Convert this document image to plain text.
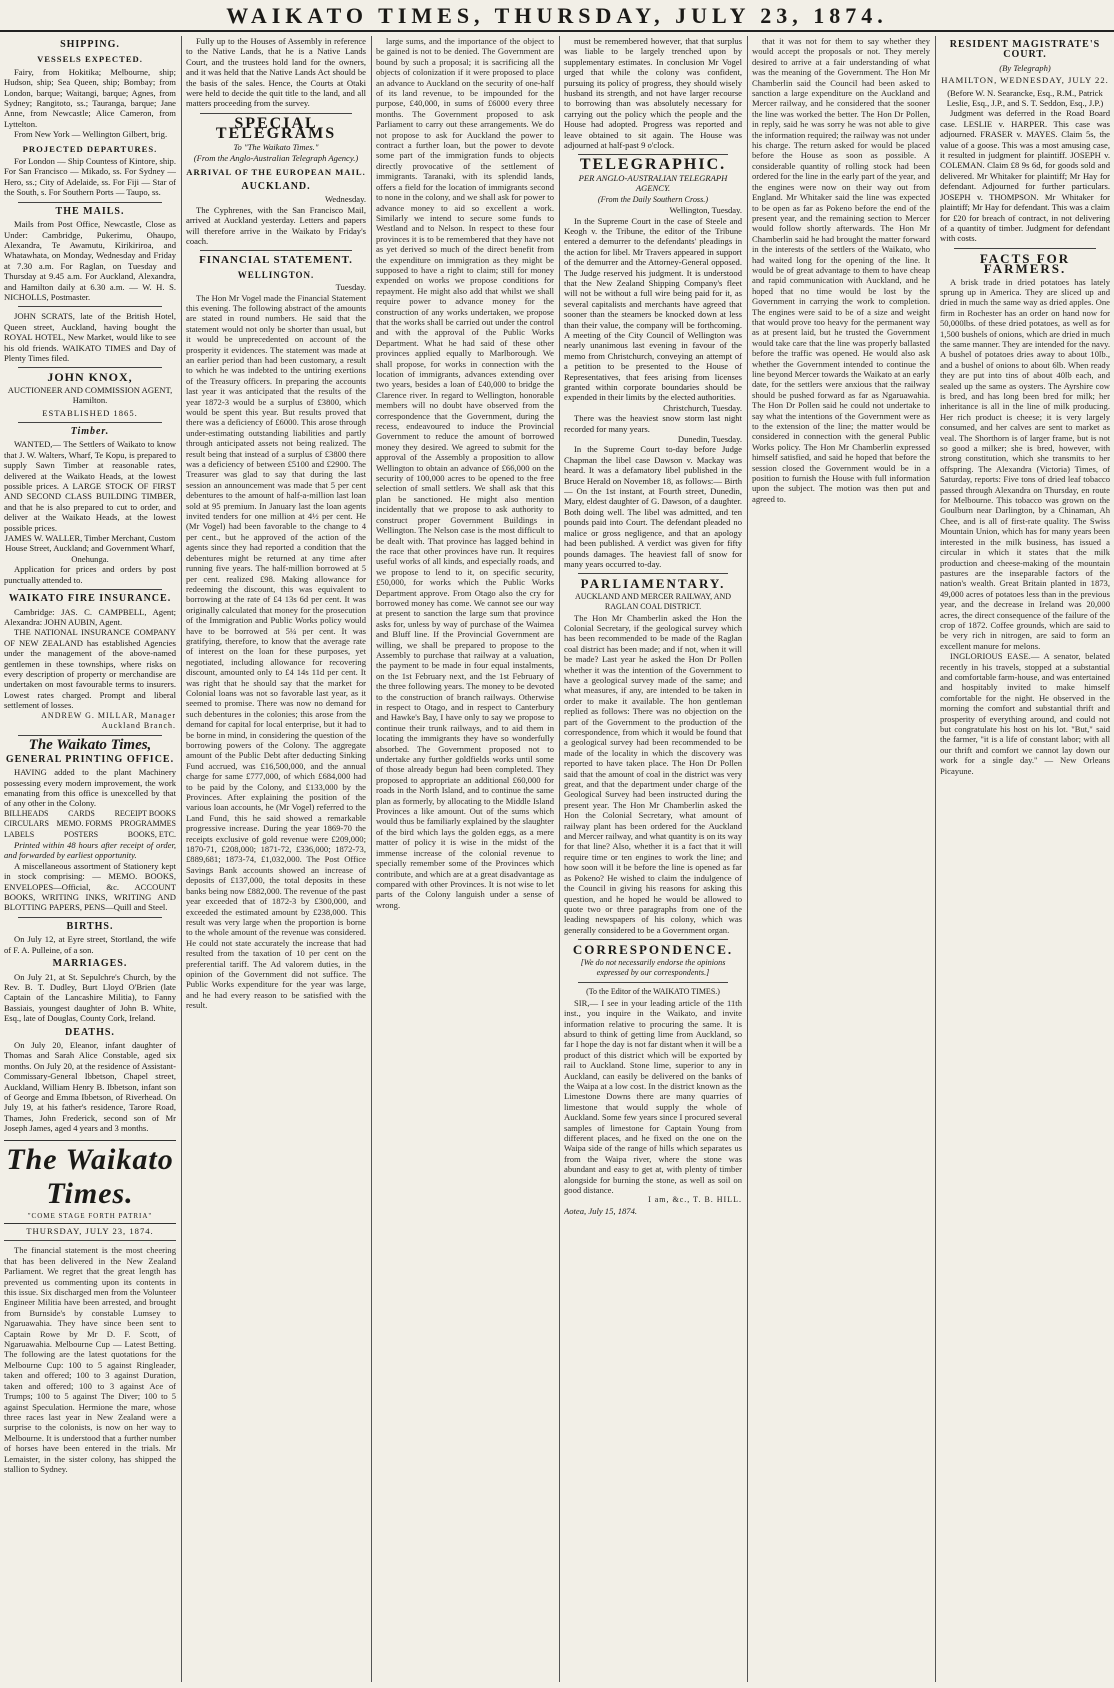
WAIKATO TIMES, THURSDAY, JULY 23, 1874.
SHIPPING.
VESSELS EXPECTED.

Fairy, from Hokitika; Melbourne, ship; Hudson, ship; Sea Queen, ship; Bombay; from London, barque; Waitangi, barque; Agnes, from Sydney; Rangitoto, ss.; Tauranga, barque; Jane Anne, from Newcastle; Alice Cameron, from Lyttelton.

From New York — Wellington Gilbert, brig.

PROJECTED DEPARTURES.

For London — Ship Countess of Kintore, ship. For San Francisco — Mikado, ss. For Sydney — Hero, ss.; City of Adelaide, ss. For Fiji — Star of the South, s. For Southern Ports — Taupo, ss.

THE MAILS.

Mails from Post Office, Newcastle, Close as Under: Cambridge, Pukerimu, Ohaupo, Alexandra, Te Awamutu, Kirikiriroa, and Whatawhata, on Monday, Wednesday and Friday at 7.30 a.m. For Raglan, on Tuesday and Thursday at 9.45 a.m. For Auckland, Alexandra, and Hamilton daily at 6.30 a.m. — W. H. S. NICHOLLS, Postmaster.

JOHN SCRATS, late of the British Hotel, Queen street, Auckland, having bought the ROYAL HOTEL, New Market, would like to see his old friends. WAIKATO TIMES and Day of Plenty Times filed.

JOHN KNOX,
AUCTIONEER AND COMMISSION AGENT, Hamilton.
ESTABLISHED 1865.
Timber.

WANTED,— The Settlers of Waikato to know that J. W. Walters, Wharf, Te Kopu, is prepared to supply Sawn Timber at reasonable rates, delivered at the Waikato Heads, at the lowest possible prices. A LARGE STOCK OF FIRST AND SECOND CLASS BUILDING TIMBER, and that he is also prepared to cut to order, and deliver at the Waikato Heads, at the lowest possible prices.

JAMES W. WALLER, Timber Merchant, Custom House Street, Auckland; and Government Wharf, Onehunga.

Application for prices and orders by post punctually attended to.

WAIKATO FIRE INSURANCE.

Cambridge: JAS. C. CAMPBELL, Agent; Alexandra: JOHN AUBIN, Agent.

THE NATIONAL INSURANCE COMPANY OF NEW ZEALAND has established Agencies under the management of the above-named gentlemen in these townships, where risks on every description of property or merchandise are undertaken on most favourable terms to insurers. Lowest rates charged. Prompt and liberal settlement of losses.

ANDREW G. MILLAR, Manager Auckland Branch.
The Waikato Times,
GENERAL PRINTING OFFICE.

HAVING added to the plant Machinery possessing every modern improvement, the work emanating from this office is unexcelled by that of any other in the Colony.

BILLHEADS CARDS RECEIPT BOOKS
CIRCULARS MEMO. FORMS PROGRAMMES
LABELS	POSTERS	BOOKS, ETC.

Printed within 48 hours after receipt of order, and forwarded by earliest opportunity.

A miscellaneous assortment of Stationery kept in stock comprising: — MEMO. BOOKS, ENVELOPES—Official, &c. ACCOUNT BOOKS, WRITING INKS, WRITING AND BLOTTING PAPERS, PENS—Quill and Steel.

BIRTHS.

On July 12, at Eyre street, Stortland, the wife of F. A. Pulleine, of a son.

MARRIAGES.

On July 21, at St. Sepulchre's Church, by the Rev. B. T. Dudley, Burt Lloyd O'Brien (late Captain of the Lancashire Militia), to Fanny Bassiais, youngest daughter of John B. White, Esq., late of Douglas, County Cork, Ireland.

DEATHS.

On July 20, Eleanor, infant daughter of Thomas and Sarah Alice Constable, aged six months. On July 20, at the residence of Assistant-Commissary-General Ibbetson, Chapel street, Auckland, William Henry B. Ibbetson, infant son of George and Emma Ibbetson, of Riverhead. On July 19, at his father's residence, Tarore Road, Thames, John Frederick, second son of Mr Joseph James, aged 4 years and 3 months.

The Waikato Times.
"COME STAGE FORTH PATRIA"
THURSDAY, JULY 23, 1874.

The financial statement is the most cheering that has been delivered in the New Zealand Parliament. We regret that the great length has prevented us commenting upon its contents in this issue. Six discharged men from the Volunteer Engineer Militia have been arrested, and brought from Burnside's by constable Lumsey to Ngaruawahia. They have since been sent to Captain Rowe by Mr D. F. Scott, of Ngaruawahia. Melbourne Cup — Latest Betting. The following are the latest quotations for the Melbourne Cup: 100 to 5 against Ringleader, taken and offered; 100 to 3 against Duration, taken and offered; 100 to 3 against Ace of Trumps; 100 to 5 against The Diver; 100 to 5 against Speculation. Hermione the mare, whose three races last year in New Zealand were a surprise to the colonists, is now on her way to Melbourne. It is understood that a further number of horses have been entered in the trials. Mr Lemaister, in the sister colony, has shipped the stallion to Sydney.

Fully up to the Houses of Assembly in reference to the Native Lands, that he is a Native Lands Court, and the trustees hold land for the owners, and it was held that the Native Lands Act should be the basis of the sales. Hence, the Courts at Otaki were held to decide the quit title to the land, and all matters proceeding from the survey.

SPECIAL TELEGRAMS
To "The Waikato Times."
(From the Anglo-Australian Telegraph Agency.)
ARRIVAL OF THE EUROPEAN MAIL.
AUCKLAND.
Wednesday.

The Cyphrenes, with the San Francisco Mail, arrived at Auckland yesterday. Letters and papers will therefore arrive in the Waikato by Friday's coach.

FINANCIAL STATEMENT.
WELLINGTON.
Tuesday.

The Hon Mr Vogel made the Financial Statement this evening. The following abstract of the amounts are stated in round numbers. He said that the statement would not only be shorter than usual, but it would be unprecedented on account of the prosperity it evidences. The statement was made at an earlier period than had been customary, a result to which he was indebted to the untiring exertions of the Treasury officers. In preparing the accounts last year it was anticipated that the results of the year 1872-3 would be a surplus of £3800, which would be spent this year. But results proved that there was a deficiency of £6000. This arose through under-estimating outstanding liabilities and partly through anticipated assets not being realized. The result being that instead of a surplus of £3800 there was a deficiency of between £5100 and £2900. The Treasurer was glad to say that during the last session an announcement was made that 5 per cent debentures to the amount of half-a-million last loan sold at 95 premium. In January last the loan agents invited tenders for one million at 4½ per cent. He (Mr Vogel) had been favorable to the change to 4 per cent., but he approved of the action of the agents since they had reported a condition that the debentures might be returned at any time after running five years. The half-million borrowed at 5 per cent. realized £98. Making allowance for redeeming the discount, this was equivalent to borrowing at the rate of £4 13s 6d per cent. It was originally calculated that money for the prosecution of the Immigration and Public Works policy would have to be borrowed at 5¼ per cent. It was gratifying, therefore, to know that the average rate of interest on the loan for these purposes, yet negotiated, including allowance for recovering discount, amounted only to £4 14s 11d per cent. It was right that he should say that the market for Colonial loans was not so favorable last year, as it seemed to promise. There was now no demand for such debentures in the colonies; this arose from the demand for capital for local enterprise, but it had to be borne in mind, in considering the question of the borrowing powers of the Colony. The aggregate amount of the Public Debt after deducting Sinking Fund accrued, was £16,500,000, and the annual charge for same £777,000, of which £684,000 had to be paid by the Colony, and £133,000 by the Provinces. After explaining the position of the various loan accounts, he (Mr Vogel) referred to the Land Fund, this he said showed a remarkable progressive increase. During the year 1869-70 the receipts exclusive of gold revenue were £209,000; 1870-71, £208,000; 1871-72, £336,000; 1872-73, £889,681; 1873-74, £1,032,000. The Post Office Savings Bank accounts showed an increase of deposits of £137,000, the total deposits in these banks being now £882,000. The revenue of the past year exceeded that of 1872-3 by £300,000, and exceeded the estimated amount by £238,000. This result was very large when the proportion is borne to the whole amount of the revenue was considered. He could not state accurately the increase that had resulted from the taxation of 10 per cent on the preferential tariff. The Ad valorem duties, in the opinion of the Government did not suffice. The Public Works expenditure for the year was large, and he had every reason to be satisfied with the result.

large sums, and the importance of the object to be gained is not to be denied. The Government are bound by such a proposal; it is sacrificing all the objects of colonization if it were proposed to place an advance to Auckland on the security of one-half of its land revenue, to be impounded for the purpose, £40,000, in sums of £6000 every three months. The Government proposed to ask Parliament to carry out these arrangements. We do not propose to ask for Auckland the power to contract a further loan, but the power to devote some part of the immigration funds to objects directly provocative of the settlement of immigrants. Taranaki, with its splendid lands, offers a field for the location of immigrants second to none in the colony, and we shall ask for power to advance money to aid so excellent a work. Similarly we intend to secure some funds to Westland and to Nelson. In respect to these four provinces it is to be remembered that they have not as yet derived so much of the direct benefit from the expenditure on immigration as they might be supposed to have a right to claim; still for money expended on works we propose conditions for repayment. He might also add that whilst we shall require power to advance money for the construction of any works undertaken, we propose that the works shall be carried out under the control and with the approval of the Public Works Department. What he had said of these other provinces applied equally to Marlborough. We shall propose, for works in connection with the location of immigrants, advances extending over two years, besides a loan of £40,000 to bridge the Clarence river. In regard to Wellington, honorable members will no doubt have observed from the correspondence that the Government, during the recess, endeavoured to induce the Provincial Government to reduce the amount of borrowed money they desired. We agreed to submit for the approval of the Assembly a proposition to allow Wellington to obtain an advance of £66,000 on the security of 100,000 acres to be opened to the free selection of small settlers. We shall ask that this plan be sanctioned. He might also mention incidentally that we propose to ask authority to construct proper Government Buildings in Wellington. The Nelson case is the most difficult to be dealt with. That province has lagged behind in the race that other provinces have run. It requires useful works of all kinds, and especially roads, and we propose to lend to it, on specific security, £50,000, for works which the Public Works Department approve. From Otago also the cry for borrowed money has come. We cannot see our way at present to sanction the large sum that province asks for, unless by way of purchase of the Waimea and Bluff line. If the Provincial Government are willing, we shall be prepared to propose to the Assembly to purchase that railway at a valuation, the payment to be made in four equal instalments, on the 1st February next, and the 1st February of the three following years. The money to be devoted to the construction of branch railways. Otherwise in respect to Otago, and in respect to Canterbury and Hawke's Bay, I have only to say we propose to continue their trunk railways, and to aid them in locating the immigrants they have so wonderfully absorbed. The Government proposed not to undertake any further goldfields works until some of those already begun had been completed. They proposed to appropriate an additional £60,000 for roads in the North Island, and to continue the same plan as formerly, by allocating to the Middle Island Provinces a like amount. Out of the sums which would thus be familiarly explained by the slaughter of the bird which lays the golden eggs, as a mere matter of policy it is wise in the midst of the immense increase of the colonial revenue to specially remember some of the Provinces which contribute, and which are at a great disadvantage as compared with other Provinces. It is not wise to let parts of the Colony languish under a sense of wrong.

must be remembered however, that that surplus was liable to be largely trenched upon by supplementary estimates. In conclusion Mr Vogel urged that while the colony was confident, pursuing its policy of progress, they should wisely husband its strength, and not have larger recourse to borrowing than was absolutely necessary for carrying out the policy which the people and the House had adopted. Progress was reported and leave obtained to sit again. The House was adjourned at half-past 9 o'clock.

TELEGRAPHIC.
PER ANGLO-AUSTRALIAN TELEGRAPH AGENCY.
(From the Daily Southern Cross.)
Wellington, Tuesday.

In the Supreme Court in the case of Steele and Keogh v. the Tribune, the editor of the Tribune entered a demurrer to the defendants' pleadings in the action for libel. Mr Travers appeared in support of the demurrer and the Attorney-General opposed. The Judge reserved his judgment. It is understood that the New Zealand Shipping Company's fleet will not be without a full wire being paid for it, as several capitalists and merchants have agreed that sooner than the steamers be knocked down at less than their value, the company will be forthcoming. A meeting of the City Council of Wellington was nearly unanimous last evening in favour of the memo from Christchurch, conveying an attempt of a petition to be presented to the House of Representatives, that fees arising from licenses granted within corporate boundaries should be expended in their limits by the elected authorities.

Christchurch, Tuesday.

There was the heaviest snow storm last night recorded for many years.

Dunedin, Tuesday.

In the Supreme Court to-day before Judge Chapman the libel case Dawson v. Mackay was heard. It was a defamatory libel published in the Bruce Herald on November 18, as follows:— Birth — On the 1st instant, at Fourth street, Dunedin, Mary, eldest daughter of G. Dawson, of a daughter. Both doing well. The libel was admitted, and ten pounds paid into Court. The defendant pleaded no malice or gross negligence, and that an apology had been published. A verdict was given for fifty pounds damages. The heaviest fall of snow for many years occurred to-day.

PARLIAMENTARY.
AUCKLAND AND MERCER RAILWAY, AND RAGLAN COAL DISTRICT.

The Hon Mr Chamberlin asked the Hon the Colonial Secretary, if the geological survey which has been recommended to be made of the Raglan coal district has been made; and if not, when it will be made? Last year he asked the Hon Dr Pollen whether it was the intention of the Government to have a geological survey made of the same; and what measures, if any, are intended to be taken in order to make it available. The hon gentleman replied as follows: There was no objection on the part of the Government to the production of the correspondence, from which it would be found that a geological survey had been recommended to be made of the locality in which the discovery was reported to have taken place. The Hon Dr Pollen said that the amount of coal in the district was very great, and that the department under charge of the Geological Survey had been instructed during the present year. The Hon Mr Chamberlin asked the Hon the Colonial Secretary, what amount of railway plant has been ordered for the Auckland and Mercer railway, and what quantity is on its way for that line? Also, whether it is a fact that it will require time or ten engines to work the line; and how soon will it be before the line is opened as far as Pokeno? He wished to claim the indulgence of the Council in giving his reasons for asking this question, and he hoped he would be allowed to quote two or three paragraphs from one of the leading newspapers of his colony, which was generally considered to be a Government organ.

CORRESPONDENCE.
[We do not necessarily endorse the opinions expressed by our correspondents.]
(To the Editor of the WAIKATO TIMES.)

SIR,— I see in your leading article of the 11th inst., you inquire in the Waikato, and invite information relative to procuring the same. It is absurd to think of getting lime from Auckland, so far I hope the day is not far distant when it will be a product of this district which will be exported by rail to Auckland. Stone lime, superior to any in Auckland, can easily be delivered on the banks of the Waipa at a low cost. In the district known as the Limestone Downs there are many quarries of limestone that would supply the whole of Auckland. Some few years since I procured several samples of limestone for Captain Young from different places, and he fixed on the one on the Waipa side of the range of hills which separates us from the Waipa river, where the stone was abundant and easy to get at, with plenty of timber alongside for burning the stone, as well as soil on good distance.

I am, &c., T. B. HILL.
Aotea, July 15, 1874.

that it was not for them to say whether they would accept the proposals or not. They merely desired to arrive at a fair understanding of what was the meaning of the Government. The Hon Mr Chamberlin said the Council had been asked to sanction a large expenditure on the Auckland and Mercer railway, and he considered that the sooner the line was worked the better. The Hon Dr Pollen, in reply, said he was sorry he was not able to give the information required; the railway was not under his charge. The return asked for would be placed before the House as soon as possible. A considerable quantity of rolling stock had been ordered for the line in the early part of the year, and the engines were now on their way out from England. Mr Whitaker said the line was expected to be open as far as Pokeno before the end of the present year, and the remaining section to Mercer would follow shortly afterwards. The Hon Mr Chamberlin said he had brought the matter forward in the interests of the settlers of the Waikato, who had waited long for the opening of the line. It would be of great advantage to them to have cheap and rapid communication with Auckland, and he hoped that no time would be lost by the Government in carrying the work to completion. The engines were said to be of a size and weight that would prove too heavy for the permanent way as at present laid, but he trusted the Government would take care that the line was properly ballasted before the traffic was opened. He would also ask whether the Government intended to continue the line beyond Mercer towards the Waikato at an early date, for the settlers were anxious that the railway should be pushed forward as far as Ngaruawahia. The Hon Dr Pollen said he could not undertake to say what the intentions of the Government were as to the extension of the line; the matter would be considered in connection with the general Public Works policy. The Hon Mr Chamberlin expressed himself satisfied, and said he hoped that before the session closed the Government would be in a position to furnish the House with full information upon the subject. The motion was then put and agreed to.

RESIDENT MAGISTRATE'S COURT.
(By Telegraph)
HAMILTON, WEDNESDAY, JULY 22.
(Before W. N. Searancke, Esq., R.M., Patrick Leslie, Esq., J.P., and S. T. Seddon, Esq., J.P.)

Judgment was deferred in the Road Board case. LESLIE v. HARPER. This case was adjourned. FRASER v. MAYES. Claim 5s, the value of a goose. This was a most amusing case, it resulted in judgment for plaintiff. JOSEPH v. COLEMAN. Claim £8 9s 6d, for goods sold and delivered. Mr Whitaker for plaintiff; Mr Hay for defendant. Adjourned for further particulars. JOSEPH v. THOMPSON. Mr Whitaker for plaintiff; Mr Hay for defendant. This was a claim for £20 for breach of contract, in not delivering of a quantity of timber. Judgment for defendant with costs.

FACTS FOR FARMERS.

A brisk trade in dried potatoes has lately sprung up in America. They are sliced up and dried in much the same way as dried apples. One firm in Rochester has an order on hand now for 50,000lbs. of these dried potatoes, as well as for 1,500 bushels of onions, which are dried in much the same manner. They are intended for the navy. A bushel of potatoes dries away to about 10lb., and a bushel of onions to about 6lb. When ready they are put into tins of about 40lb each, and sealed up the same as oysters. The Ayrshire cow is bred, and has long been bred for milk; her inheritance is all in the line of milk producing. Her rich product is cheese; it is very largely consumed, and her calves are sent to market as veal. The Shorthorn is of larger frame, but is not so good a milker; she is bred, however, with strong constitution, which she transmits to her offspring. The Alexandra (Victoria) Times, of Saturday, reports: Five tons of dried leaf tobacco passed through Alexandra on Thursday, en route for Melbourne. This tobacco was grown on the Goulburn near Darlington, by a Chinaman, Ah Chee, and is all of first-rate quality. The Swiss Mountain Union, which has for many years been interested in the milk business, has issued a circular in which it states that the milk production and cheese-making of the mountain pastures are the inseparable factors of the nation's wealth. Great Britain planted in 1873, 49,000 acres of potatoes less than in the previous year, and the decrease in Ireland was 20,000 acres, the direct consequence of the failure of the crop of 1872. Coffee grounds, which are said to be very rich in nitrogen, are said to form an excellent manure for melons.

INGLORIOUS EASE.— A senator, belated recently in his travels, stopped at a substantial and comfortable farm-house, and was entertained and hospitably invited to make himself comfortable for the night. He observed in the morning the comfort and substantial thrift and prosperity of everything around, and could not but congratulate his host on his lot. "But," said the farmer, "it is a life of constant labor; with all our thrift and comfort we cannot lay down our work for a single day." — New Orleans Picayune.
